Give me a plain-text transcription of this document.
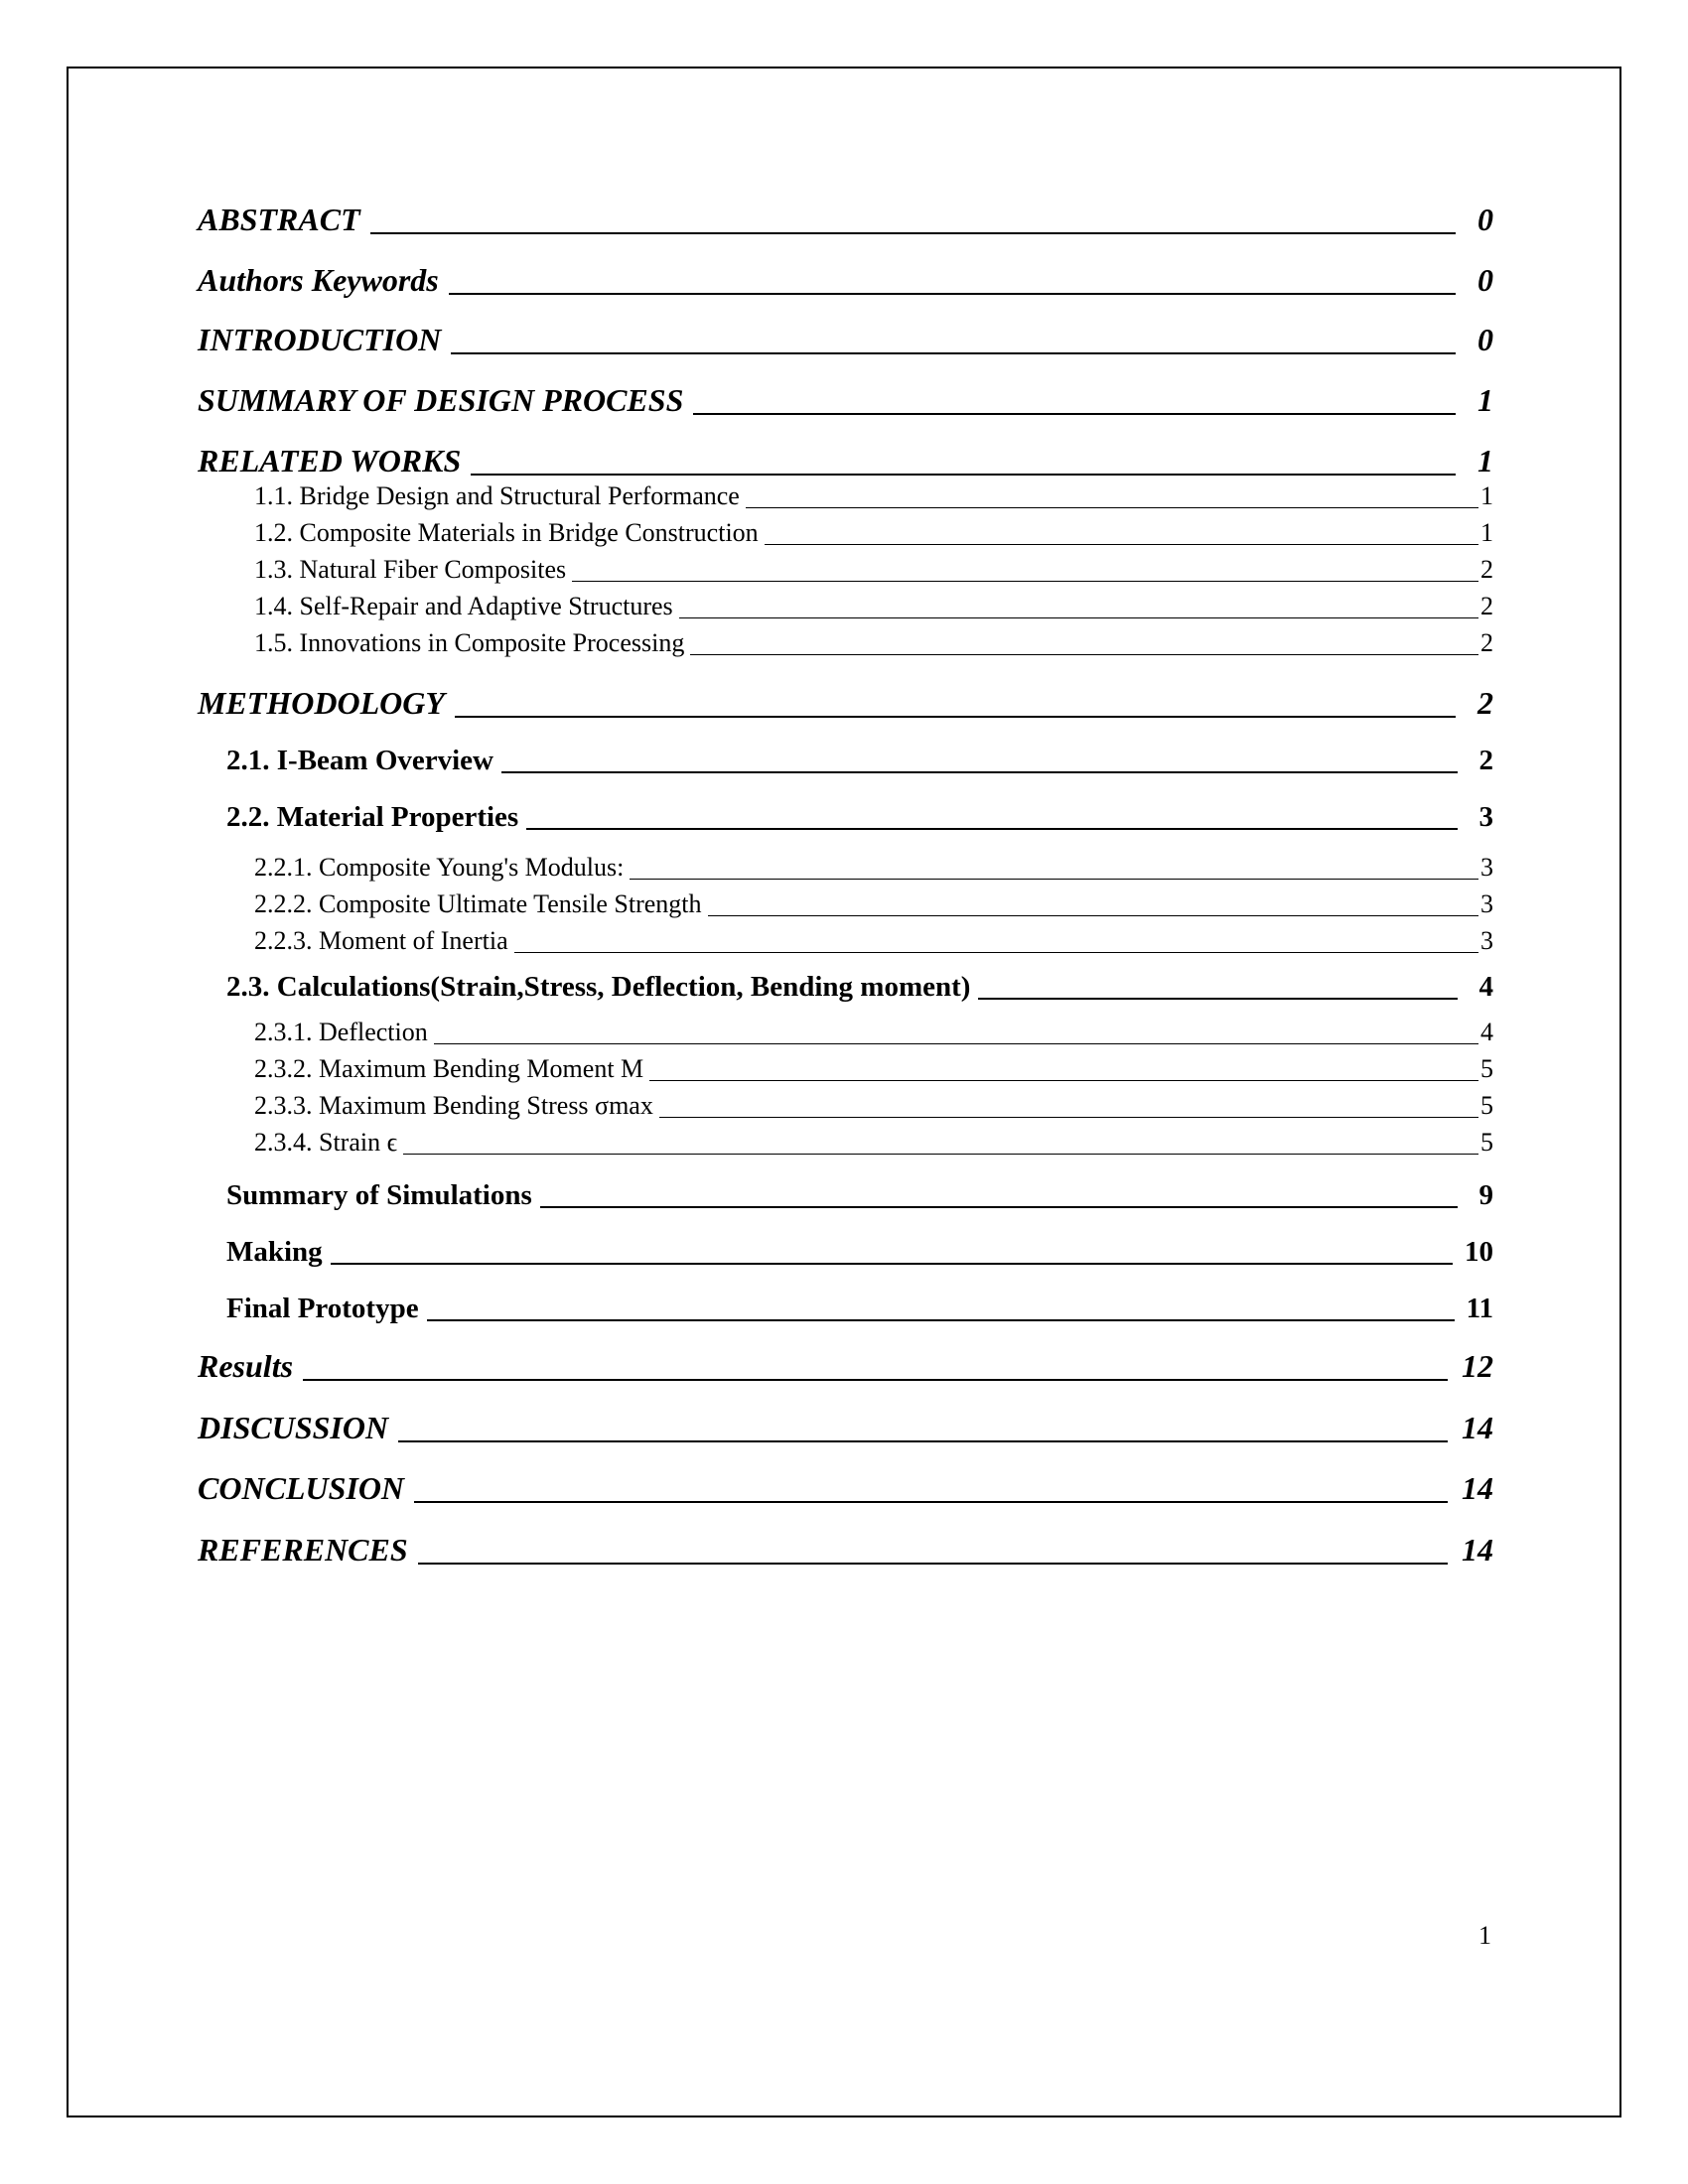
ABSTRACT	0
Authors Keywords	0
INTRODUCTION	0
SUMMARY OF DESIGN PROCESS	1
RELATED WORKS	1
1.1. Bridge Design and Structural Performance	1
1.2. Composite Materials in Bridge Construction	1
1.3. Natural Fiber Composites	2
1.4. Self-Repair and Adaptive Structures	2
1.5. Innovations in Composite Processing	2
METHODOLOGY	2
2.1. I-Beam Overview	2
2.2. Material Properties	3
2.2.1. Composite Young's Modulus:	3
2.2.2. Composite Ultimate Tensile Strength	3
2.2.3. Moment of Inertia	3
2.3. Calculations(Strain,Stress, Deflection, Bending moment)	4
2.3.1. Deflection	4
2.3.2. Maximum Bending Moment M	5
2.3.3. Maximum Bending Stress σmax	5
2.3.4. Strain ϵ	5
Summary of Simulations	9
Making	10
Final Prototype	11
Results	12
DISCUSSION	14
CONCLUSION	14
REFERENCES	14
1
